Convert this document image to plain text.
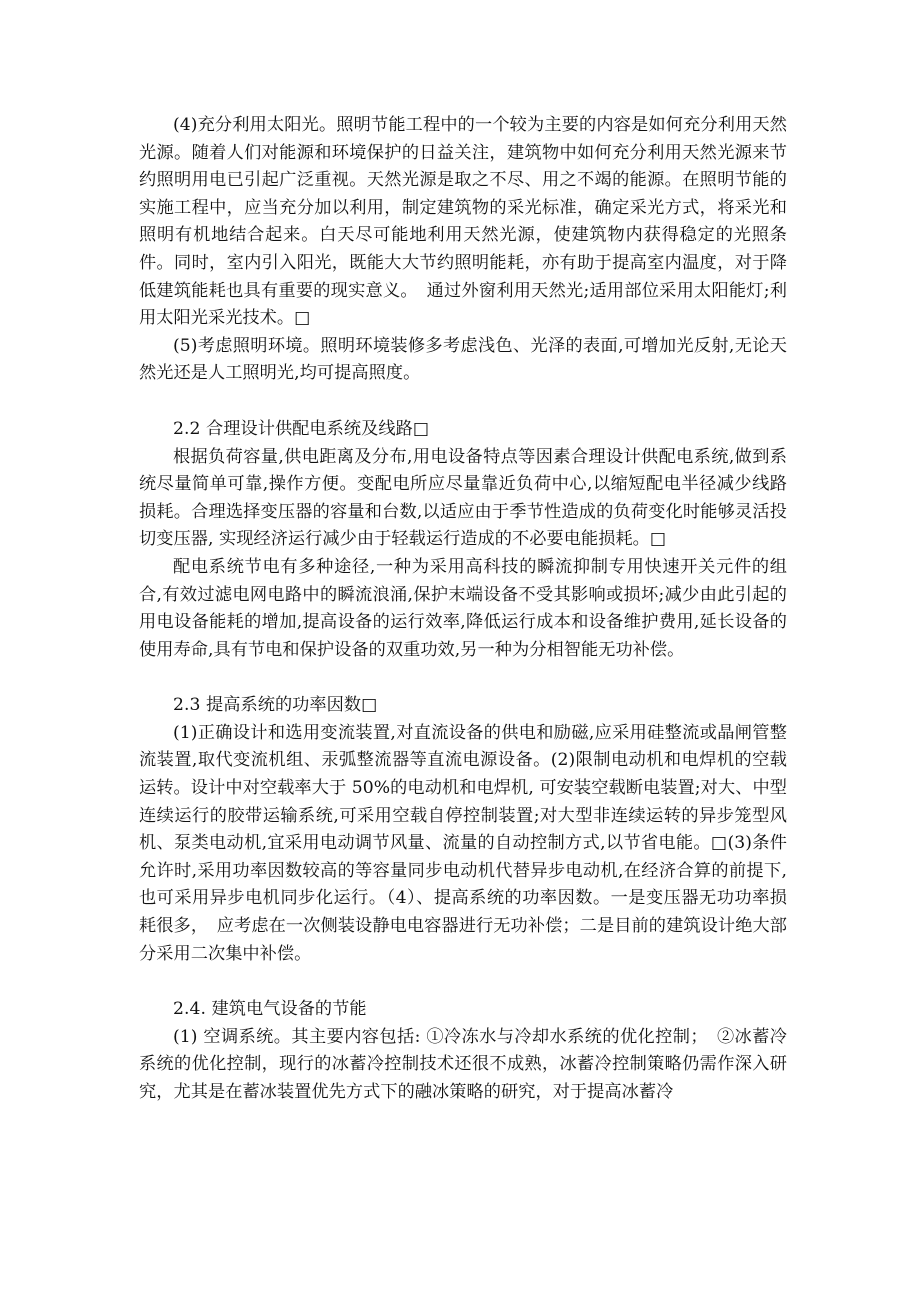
(4)充分利用太阳光。照明节能工程中的一个较为主要的内容是如何充分利用天然光源。随着人们对能源和环境保护的日益关注，建筑物中如何充分利用天然光源来节约照明用电已引起广泛重视。天然光源是取之不尽、用之不竭的能源。在照明节能的实施工程中，应当充分加以利用，制定建筑物的采光标准，确定采光方式，将采光和照明有机地结合起来。白天尽可能地利用天然光源，使建筑物内获得稳定的光照条件。同时，室内引入阳光，既能大大节约照明能耗，亦有助于提高室内温度，对于降低建筑能耗也具有重要的现实意义。　通过外窗利用天然光;适用部位采用太阳能灯;利用太阳光采光技术。□

(5)考虑照明环境。照明环境装修多考虑浅色、光泽的表面,可增加光反射,无论天然光还是人工照明光,均可提高照度。

2.2 合理设计供配电系统及线路□

根据负荷容量,供电距离及分布,用电设备特点等因素合理设计供配电系统,做到系统尽量简单可靠,操作方便。变配电所应尽量靠近负荷中心,以缩短配电半径减少线路损耗。合理选择变压器的容量和台数,以适应由于季节性造成的负荷变化时能够灵活投切变压器, 实现经济运行减少由于轻载运行造成的不必要电能损耗。□

配电系统节电有多种途径,一种为采用高科技的瞬流抑制专用快速开关元件的组合,有效过滤电网电路中的瞬流浪涌,保护末端设备不受其影响或损坏;减少由此引起的用电设备能耗的增加,提高设备的运行效率,降低运行成本和设备维护费用,延长设备的使用寿命,具有节电和保护设备的双重功效,另一种为分相智能无功补偿。

2.3 提高系统的功率因数□

(1)正确设计和选用变流装置,对直流设备的供电和励磁,应采用硅整流或晶闸管整流装置,取代变流机组、汞弧整流器等直流电源设备。(2)限制电动机和电焊机的空载运转。设计中对空载率大于 50%的电动机和电焊机, 可安装空载断电装置;对大、中型连续运行的胶带运输系统,可采用空载自停控制装置;对大型非连续运转的异步笼型风机、泵类电动机,宜采用电动调节风量、流量的自动控制方式,以节省电能。□(3)条件允许时,采用功率因数较高的等容量同步电动机代替异步电动机,在经济合算的前提下,也可采用异步电机同步化运行。（4）、提高系统的功率因数。一是变压器无功功率损耗很多，　应考虑在一次侧装设静电电容器进行无功补偿；二是目前的建筑设计绝大部分采用二次集中补偿。

2.4. 建筑电气设备的节能

(1) 空调系统。其主要内容包括: ①冷冻水与冷却水系统的优化控制；　②冰蓄冷系统的优化控制，现行的冰蓄冷控制技术还很不成熟，冰蓄冷控制策略仍需作深入研究，尤其是在蓄冰装置优先方式下的融冰策略的研究，对于提高冰蓄冷
